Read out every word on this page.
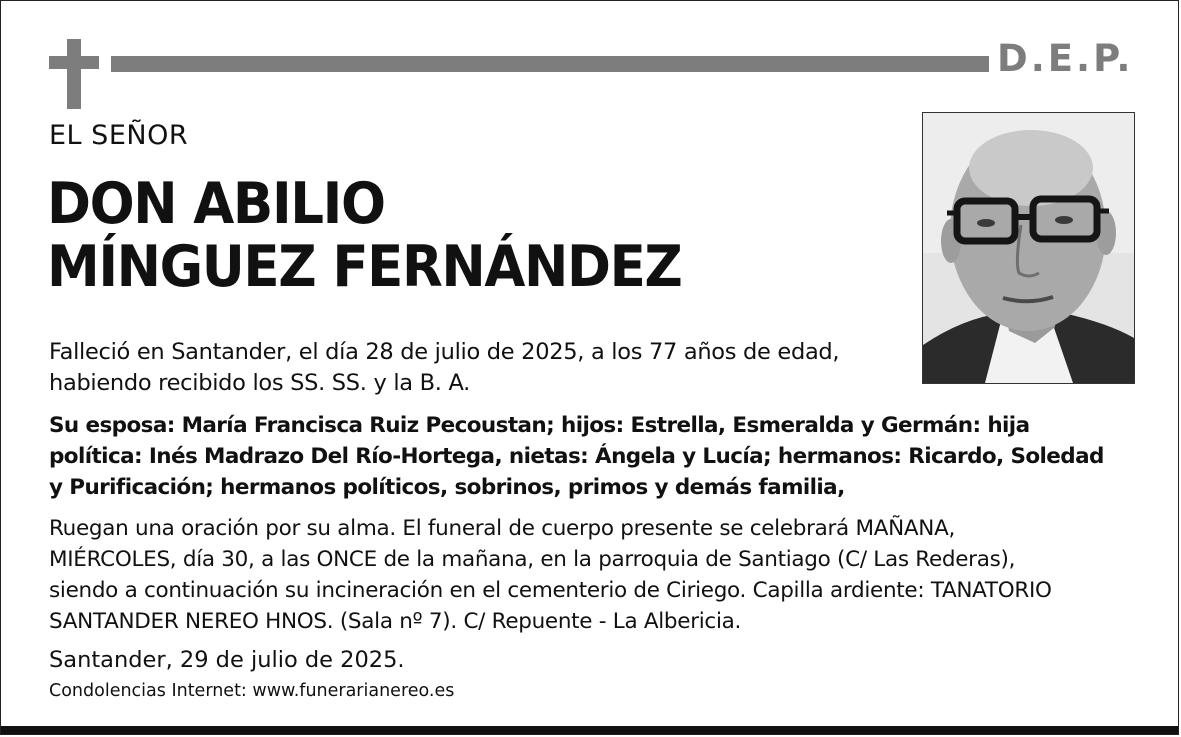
D.E.P.
EL SEÑOR
DON ABILIO
MÍNGUEZ FERNÁNDEZ
Falleció en Santander, el día 28 de julio de 2025, a los 77 años de edad,
habiendo recibido los SS. SS. y la B. A.
Su esposa: María Francisca Ruiz Pecoustan; hijos: Estrella, Esmeralda y Germán: hija
política: Inés Madrazo Del Río-Hortega, nietas: Ángela y Lucía; hermanos: Ricardo, Soledad
y Purificación; hermanos políticos, sobrinos, primos y demás familia,
Ruegan una oración por su alma. El funeral de cuerpo presente se celebrará MAÑANA,
MIÉRCOLES, día 30, a las ONCE de la mañana, en la parroquia de Santiago (C/ Las Rederas),
siendo a continuación su incineración en el cementerio de Ciriego. Capilla ardiente: TANATORIO
SANTANDER NEREO HNOS. (Sala nº 7). C/ Repuente - La Albericia.
Santander, 29 de julio de 2025.
Condolencias Internet: www.funerarianereo.es
